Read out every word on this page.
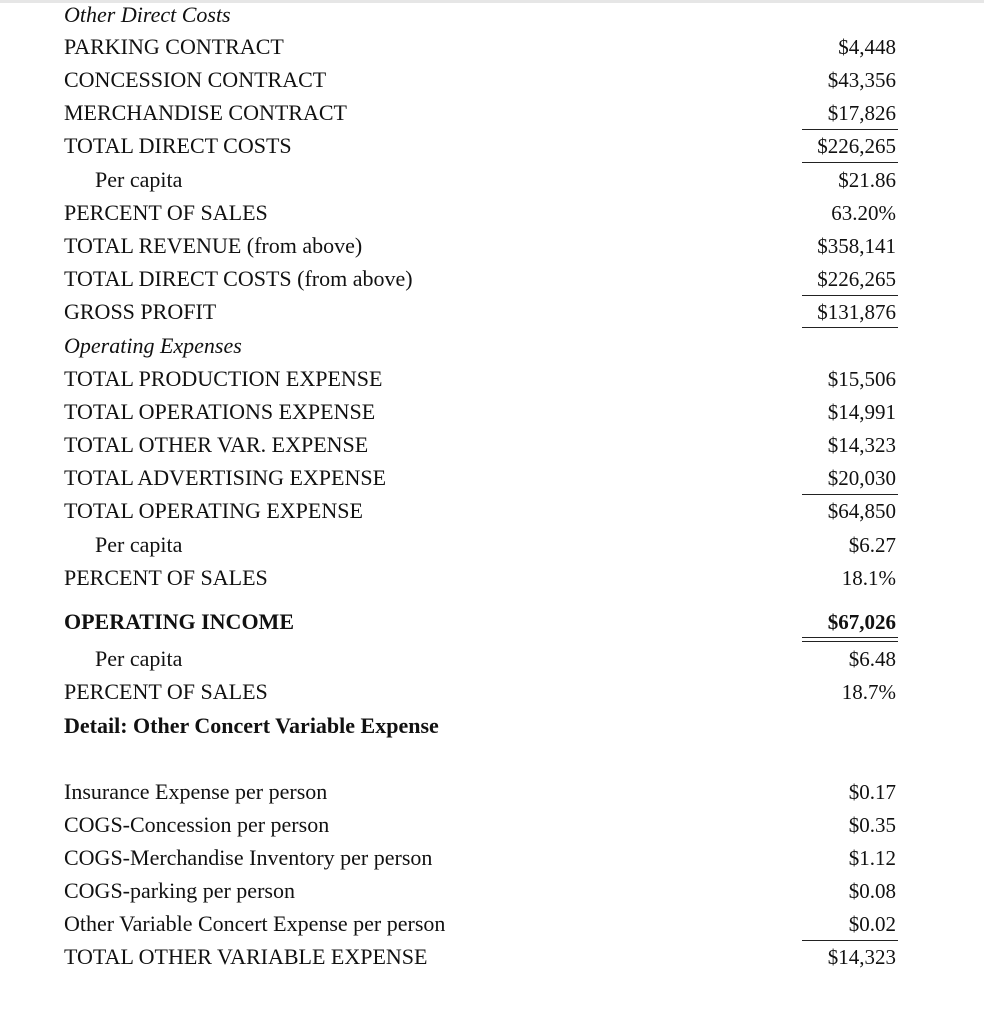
Other Direct Costs
PARKING CONTRACT	$4,448
CONCESSION CONTRACT	$43,356
MERCHANDISE CONTRACT	$17,826
TOTAL DIRECT COSTS	$226,265
Per capita	$21.86
PERCENT OF SALES	63.20%
TOTAL REVENUE (from above)	$358,141
TOTAL DIRECT COSTS (from above)	$226,265
GROSS PROFIT	$131,876
Operating Expenses
TOTAL PRODUCTION EXPENSE	$15,506
TOTAL OPERATIONS EXPENSE	$14,991
TOTAL OTHER VAR. EXPENSE	$14,323
TOTAL ADVERTISING EXPENSE	$20,030
TOTAL OPERATING EXPENSE	$64,850
Per capita	$6.27
PERCENT OF SALES	18.1%
OPERATING INCOME	$67,026
Per capita	$6.48
PERCENT OF SALES	18.7%
Detail: Other Concert Variable Expense
Insurance Expense per person	$0.17
COGS-Concession per person	$0.35
COGS-Merchandise Inventory per person	$1.12
COGS-parking per person	$0.08
Other Variable Concert Expense per person	$0.02
TOTAL OTHER VARIABLE EXPENSE	$14,323
